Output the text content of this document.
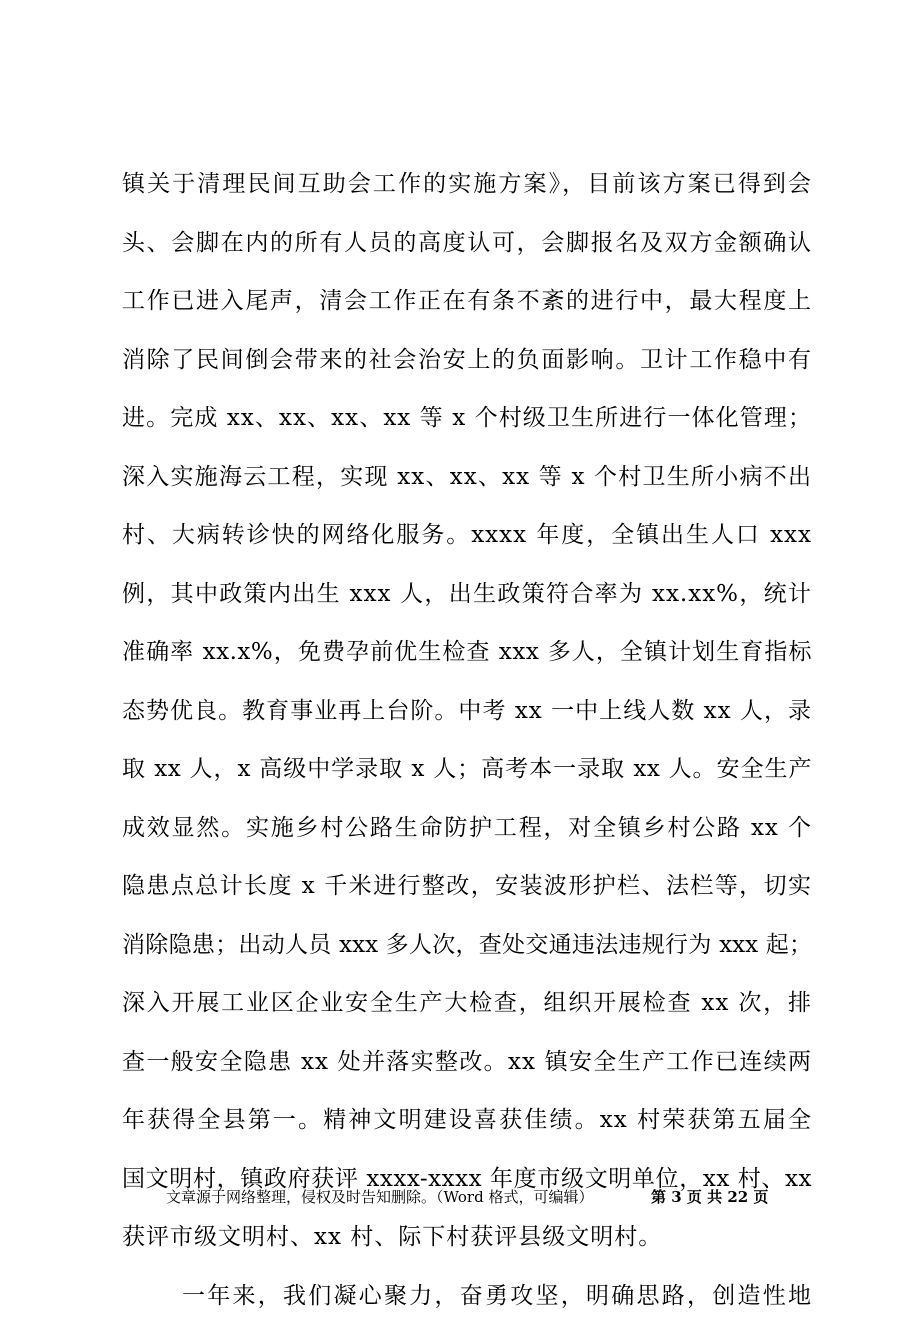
镇关于清理民间互助会工作的实施方案》，目前该方案已得到会
头、会脚在内的所有人员的高度认可，会脚报名及双方金额确认
工作已进入尾声，清会工作正在有条不紊的进行中，最大程度上
消除了民间倒会带来的社会治安上的负面影响。卫计工作稳中有
进。完成 xx、xx、xx、xx 等 x 个村级卫生所进行一体化管理；
深入实施海云工程，实现 xx、xx、xx 等 x 个村卫生所小病不出
村、大病转诊快的网络化服务。xxxx 年度，全镇出生人口 xxx
例，其中政策内出生 xxx 人，出生政策符合率为 xx.xx%，统计
准确率 xx.x%，免费孕前优生检查 xxx 多人，全镇计划生育指标
态势优良。教育事业再上台阶。中考 xx 一中上线人数 xx 人，录
取 xx 人，x 高级中学录取 x 人；高考本一录取 xx 人。安全生产
成效显然。实施乡村公路生命防护工程，对全镇乡村公路 xx 个
隐患点总计长度 x 千米进行整改，安装波形护栏、法栏等，切实
消除隐患；出动人员 xxx 多人次，查处交通违法违规行为 xxx 起；
深入开展工业区企业安全生产大检查，组织开展检查 xx 次，排
查一般安全隐患 xx 处并落实整改。xx 镇安全生产工作已连续两
年获得全县第一。精神文明建设喜获佳绩。xx 村荣获第五届全
国文明村，镇政府获评 xxxx-xxxx 年度市级文明单位，xx 村、xx
获评市级文明村、xx 村、际下村获评县级文明村。
一年来，我们凝心聚力，奋勇攻坚，明确思路，创造性地
文章源于网络整理，侵权及时告知删除。（Word 格式，可编辑）	第 3 页 共 22 页
